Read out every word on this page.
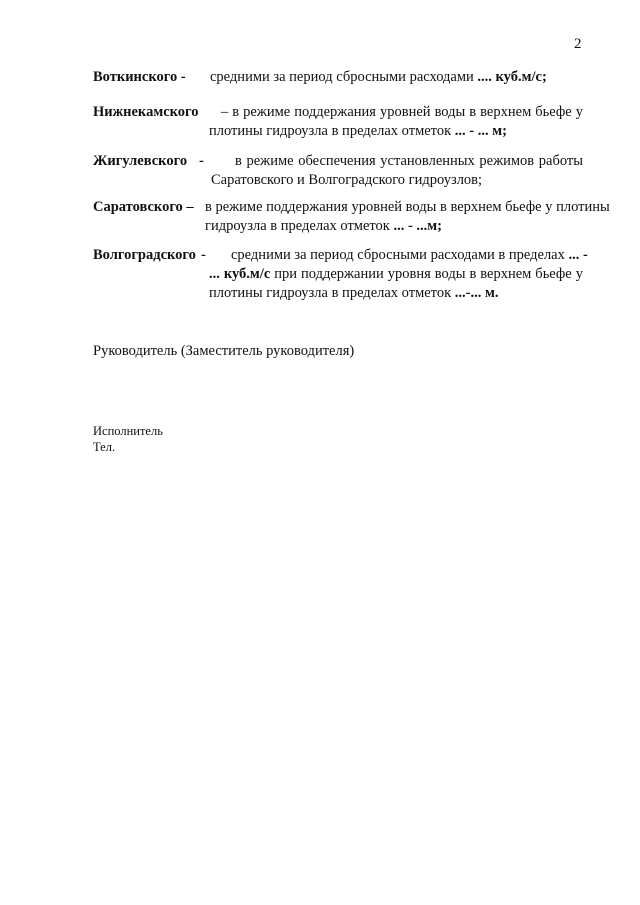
2
Воткинского - средними за период сбросными расходами .... куб.м/с;
Нижнекамского	– в режиме поддержания уровней воды в верхнем бьефе у
плотины гидроузла в пределах отметок ... - ... м;
Жигулевского -	в режиме обеспечения установленных режимов работы
Саратовского и Волгоградского гидроузлов;
Саратовского – в режиме поддержания уровней воды в верхнем бьефе у плотины
гидроузла в пределах отметок ... - ...м;
Волгоградского -	средними за период сбросными расходами в пределах ... -
... куб.м/с при поддержании уровня воды в верхнем бьефе у
плотины гидроузла в пределах отметок ...-... м.
Руководитель (Заместитель руководителя)
Исполнитель
Тел.
